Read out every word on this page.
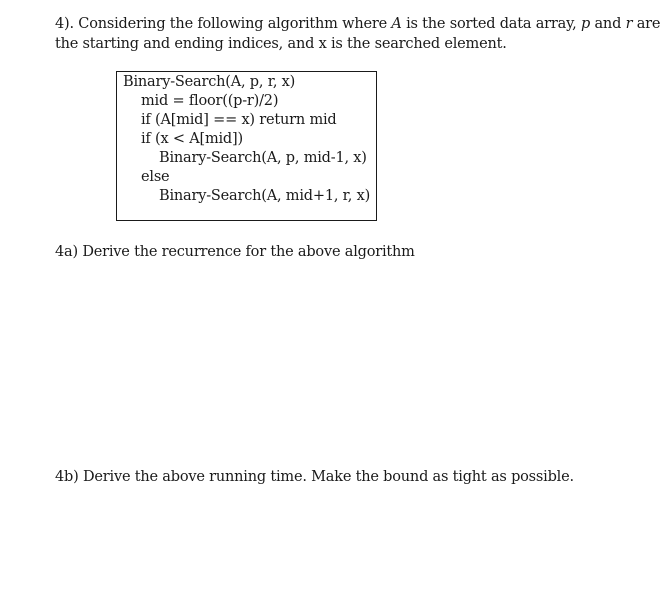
4). Considering the following algorithm where A is the sorted data array, p and r are
the starting and ending indices, and x is the searched element.
Binary-Search(A, p, r, x)
mid = floor((p-r)/2)
if (A[mid] == x) return mid
if (x < A[mid])
Binary-Search(A, p, mid-1, x)
else
Binary-Search(A, mid+1, r, x)
4a) Derive the recurrence for the above algorithm
4b) Derive the above running time. Make the bound as tight as possible.
